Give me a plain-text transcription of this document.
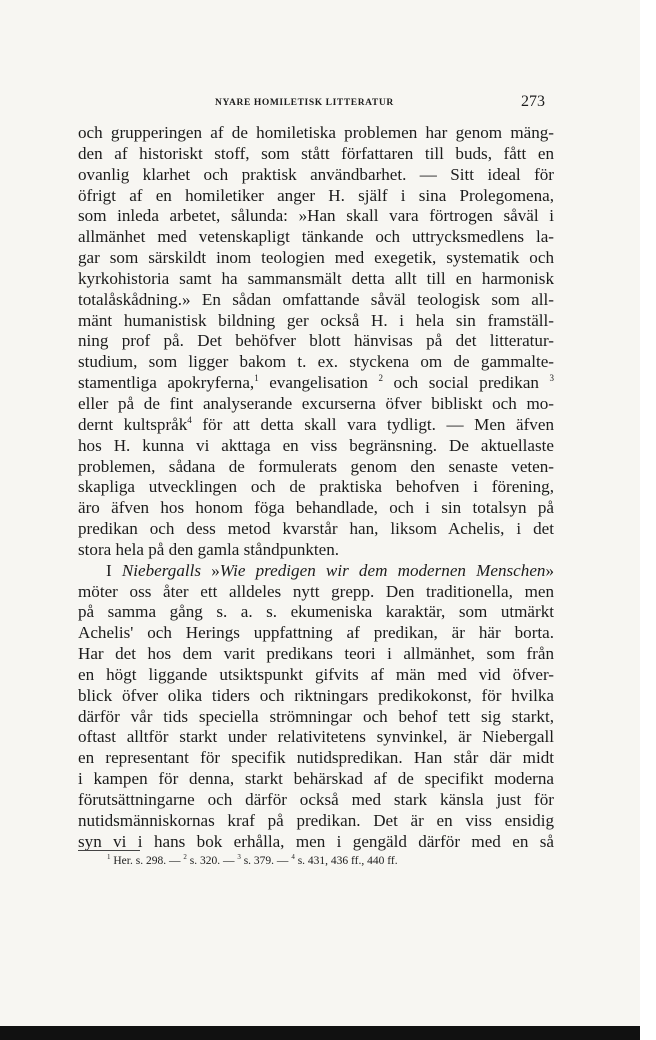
NYARE HOMILETISK LITTERATUR	273
och grupperingen af de homiletiska problemen har genom mäng-
den af historiskt stoff, som stått författaren till buds, fått en
ovanlig klarhet och praktisk användbarhet. — Sitt ideal för
öfrigt af en homiletiker anger H. själf i sina Prolegomena,
som inleda arbetet, sålunda: »Han skall vara förtrogen såväl i
allmänhet med vetenskapligt tänkande och uttrycksmedlens la-
gar som särskildt inom teologien med exegetik, systematik och
kyrkohistoria samt ha sammansmält detta allt till en harmonisk
totalåskådning.» En sådan omfattande såväl teologisk som all-
mänt humanistisk bildning ger också H. i hela sin framställ-
ning prof på. Det behöfver blott hänvisas på det litteratur-
studium, som ligger bakom t. ex. styckena om de gammalte-
stamentliga apokryferna,$^1$ evangelisation $^2$ och social predikan $^3$
eller på de fint analyserande excurserna öfver bibliskt och mo-
dernt kultspråk$^4$ för att detta skall vara tydligt. — Men äfven
hos H. kunna vi akttaga en viss begränsning. De aktuellaste
problemen, sådana de formulerats genom den senaste veten-
skapliga utvecklingen och de praktiska behofven i förening,
äro äfven hos honom föga behandlade, och i sin totalsyn på
predikan och dess metod kvarstår han, liksom Achelis, i det
stora hela på den gamla ståndpunkten.
I Niebergalls »Wie predigen wir dem modernen Menschen»
möter oss åter ett alldeles nytt grepp. Den traditionella, men
på samma gång s. a. s. ekumeniska karaktär, som utmärkt
Achelis' och Herings uppfattning af predikan, är här borta.
Har det hos dem varit predikans teori i allmänhet, som från
en högt liggande utsiktspunkt gifvits af män med vid öfver-
blick öfver olika tiders och riktningars predikokonst, för hvilka
därför vår tids speciella strömningar och behof tett sig starkt,
oftast alltför starkt under relativitetens synvinkel, är Niebergall
en representant för specifik nutidspredikan. Han står där midt
i kampen för denna, starkt behärskad af de specifikt moderna
förutsättningarne och därför också med stark känsla just för
nutidsmänniskornas kraf på predikan. Det är en viss ensidig
syn vi i hans bok erhålla, men i gengäld därför med en så
$^1$ Her. s. 298. — $^2$ s. 320. — $^3$ s. 379. — $^4$ s. 431, 436 ff., 440 ff.
